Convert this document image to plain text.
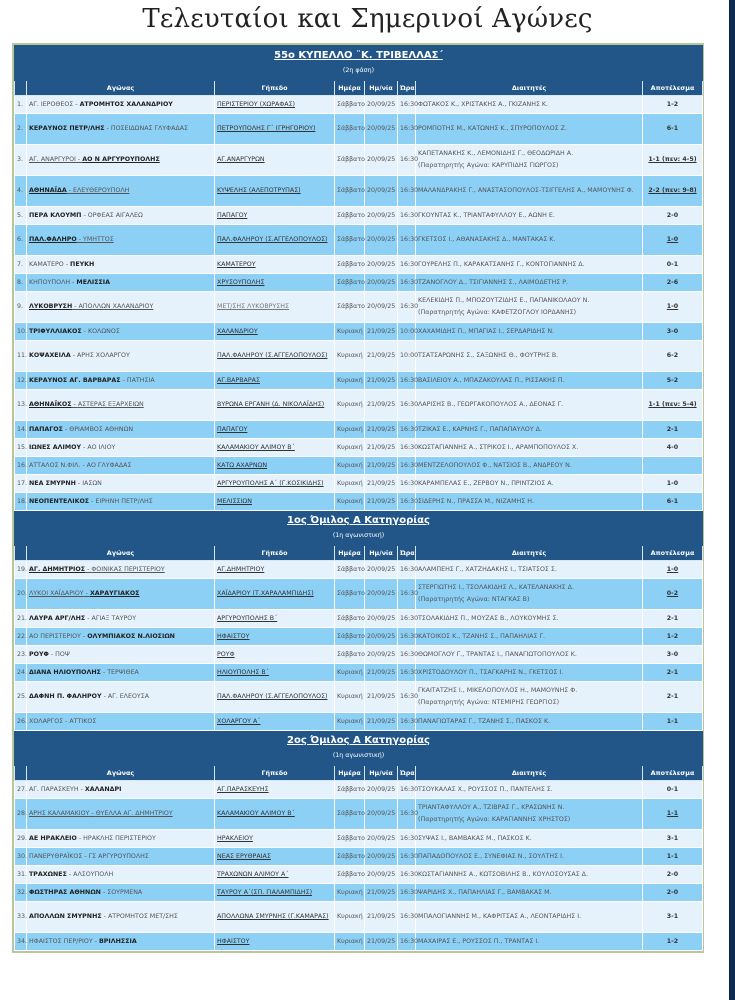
Τελευταίοι και Σημερινοί Αγώνες
55ο ΚΥΠΕΛΛΟ ¨Κ. ΤΡΙΒΕΛΛΑΣ΄
(2η φάση)

	Αγώνας	Γήπεδο	Ημέρα	Ημ/νία	Ώρα	Διαιτητές	Αποτέλεσμα
1.	ΑΓ. ΙΕΡΟΘΕΟΣ - ΑΤΡΟΜΗΤΟΣ ΧΑΛΑΝΔΡΙΟΥ	ΠΕΡΙΣΤΕΡΙΟΥ (ΧΩΡΑΦΑΣ)	Σάββατο	20/09/25	16:30	ΦΩΤΑΚΟΣ Κ., ΧΡΙΣΤΑΚΗΣ Α., ΓΚΙΖΑΝΗΣ Κ.	1-2
2.	ΚΕΡΑΥΝΟΣ ΠΕΤΡ/ΛΗΣ - ΠΟΣΕΙΔΩΝΑΣ ΓΛΥΦΑΔΑΣ	ΠΕΤΡΟΥΠΟΛΗΣ Γ΄ (ΓΡΗΓΟΡΙΟΥ)	Σάββατο	20/09/25	16:30	ΡΟΜΠΟΤΗΣ Μ., ΚΑΤΩΝΗΣ Κ., ΣΠΥΡΟΠΟΥΛΟΣ Ζ.	6-1
3.	ΑΓ. ΑΝΑΡΓΥΡΟΙ - ΑΟ Ν ΑΡΓΥΡΟΥΠΟΛΗΣ	ΑΓ.ΑΝΑΡΓΥΡΩΝ	Σάββατο	20/09/25	16:30	
ΚΑΠΕΤΑΝΑΚΗΣ Κ., ΛΕΜΟΝΙΔΗΣ Γ., ΘΕΟΔΩΡΙΔΗ Α.
(Παρατηρητής Αγώνα: ΚΑΡΥΠΙΔΗΣ ΓΙΩΡΓΟΣ)
	1-1 (πεν: 4-5)
4.	ΑΘΗΝΑΪΔΑ - ΕΛΕΥΘΕΡΟΥΠΟΛΗ	ΚΥΨΕΛΗΣ (ΑΛΕΠΟΤΡΥΠΑΣ)	Σάββατο	20/09/25	16:30	ΜΑΛΑΝΔΡΑΚΗΣ Γ., ΑΝΑΣΤΑΣΟΠΟΥΛΟΣ-ΤΣΙΓΓΕΛΗΣ Α., ΜΑΜΟΥΝΗΣ Φ.	2-2 (πεν: 9-8)
5.	ΠΕΡΑ ΚΛΟΥΜΠ - ΟΡΦΕΑΣ ΑΙΓΑΛΕΩ	ΠΑΠΑΓΟΥ	Σάββατο	20/09/25	16:30	ΓΚΟΥΝΤΑΣ Κ., ΤΡΙΑΝΤΑΦΥΛΛΟΥ Ε., ΑΩΝΗ Ε.	2-0
6.	ΠΑΛ.ΦΑΛΗΡΟ - ΥΜΗΤΤΟΣ	ΠΑΛ.ΦΑΛΗΡΟΥ (Σ.ΑΓΓΕΛΟΠΟΥΛΟΣ)	Σάββατο	20/09/25	16:30	ΓΚΕΤΣΟΣ Ι., ΑΘΑΝΑΣΑΚΗΣ Δ., ΜΑΝΤΑΚΑΣ Κ.	1-0
7.	ΚΑΜΑΤΕΡΟ - ΠΕΥΚΗ	ΚΑΜΑΤΕΡΟΥ	Σάββατο	20/09/25	16:30	ΓΟΥΡΕΛΗΣ Π., ΚΑΡΑΚΑΤΣΑΝΗΣ Γ., ΚΟΝΤΟΓΙΑΝΝΗΣ Δ.	0-1
8.	ΚΗΠΟΥΠΟΛΗ - ΜΕΛΙΣΣΙΑ	ΧΡΥΣΟΥΠΟΛΗΣ	Σάββατο	20/09/25	16:30	ΤΖΑΝΟΓΛΟΥ Δ., ΤΣΙΓΙΑΝΝΗΣ Σ., ΛΑΙΜΟΔΕΤΗΣ Ρ.	2-6
9.	ΛΥΚΟΒΡΥΣΗ - ΑΠΟΛΛΩΝ ΧΑΛΑΝΔΡΙΟΥ	ΜΕΤ/ΣΗΣ ΛΥΚΟΒΡΥΣΗΣ	Σάββατο	20/09/25	16:30	
ΚΕΛΕΚΙΔΗΣ Π., ΜΠΟΖΟΥΤΖΙΔΗΣ Ε., ΠΑΠΑΝΙΚΟΛΑΟΥ Ν.
(Παρατηρητής Αγώνα: ΚΑΦΕΤΖΟΓΛΟΥ ΙΟΡΔΑΝΗΣ)
	1-0
10.	ΤΡΙΦΥΛΛΙΑΚΟΣ - ΚΟΛΩΝΟΣ	ΧΑΛΑΝΔΡΙΟΥ	Κυριακή	21/09/25	10:00	ΧΑΧΑΜΙΔΗΣ Π., ΜΠΑΓΙΑΣ Ι., ΣΕΡΔΑΡΙΔΗΣ Ν.	3-0
11.	ΚΟΨΑΧΕΙΛΑ - ΑΡΗΣ ΧΟΛΑΡΓΟΥ	ΠΑΛ.ΦΑΛΗΡΟΥ (Σ.ΑΓΓΕΛΟΠΟΥΛΟΣ)	Κυριακή	21/09/25	10:00	ΤΣΑΤΣΑΡΩΝΗΣ Σ., ΣΑΞΩΝΗΣ Θ., ΦΟΥΤΡΗΣ Β.	6-2
12.	ΚΕΡΑΥΝΟΣ ΑΓ. ΒΑΡΒΑΡΑΣ - ΠΑΤΗΣΙΑ	ΑΓ.ΒΑΡΒΑΡΑΣ	Κυριακή	21/09/25	16:30	ΒΑΣΙΛΕΙΟΥ Α., ΜΠΑΖΑΚΟΥΛΑΣ Π., ΡΙΣΣΑΚΗΣ Π.	5-2
13.	ΑΘΗΝΑΪΚΟΣ - ΑΣΤΕΡΑΣ ΕΞΑΡΧΕΙΩΝ	ΒΥΡΩΝΑ ΕΡΓΑΝΗ (Δ. ΝΙΚΟΛΑΪΔΗΣ)	Κυριακή	21/09/25	16:30	ΛΑΡΙΣΗΣ Β., ΓΕΩΡΓΑΚΟΠΟΥΛΟΣ Α., ΔΕΟΝΑΣ Γ.	1-1 (πεν: 5-4)
14.	ΠΑΠΑΓΟΣ - ΘΡΙΑΜΒΟΣ ΑΘΗΝΩΝ	ΠΑΠΑΓΟΥ	Κυριακή	21/09/25	16:30	ΤΖΙΚΑΣ Ε., ΚΑΡΝΗΣ Γ., ΠΑΠΑΠΑΥΛΟΥ Δ.	2-1
15.	ΙΩΝΕΣ ΑΛΙΜΟΥ - ΑΟ ΙΛΙΟΥ	ΚΑΛΑΜΑΚΙΟΥ ΑΛΙΜΟΥ Β΄	Κυριακή	21/09/25	16:30	ΚΩΣΤΑΓΙΑΝΝΗΣ Α., ΣΤΡΙΚΟΣ Ι., ΑΡΑΜΠΟΠΟΥΛΟΣ Χ.	4-0
16.	ΑΤΤΑΛΟΣ Ν.ΦΙΛ. - ΑΟ ΓΛΥΦΑΔΑΣ	ΚΑΤΩ ΑΧΑΡΝΩΝ	Κυριακή	21/09/25	16:30	ΜΕΝΤΖΕΛΟΠΟΥΛΟΣ Φ., ΝΑΤΣΙΟΣ Β., ΑΝΔΡΕΟΥ Ν.

17.	ΝΕΑ ΣΜΥΡΝΗ - ΙΑΣΩΝ	ΑΡΓΥΡΟΥΠΟΛΗΣ Α΄ (Γ.ΚΟΣΙΚΙΔΗΣ)	Κυριακή	21/09/25	16:30	ΚΑΡΑΜΠΕΛΑΣ Ε., ΖΕΡΒΟΥ Ν., ΠΡΙΝΤΖΙΟΣ Α.	1-0
18.	ΝΕΟΠΕΝΤΕΛΙΚΟΣ - ΕΙΡΗΝΗ ΠΕΤΡ/ΛΗΣ	ΜΕΛΙΣΣΙΩΝ	Κυριακή	21/09/25	16:30	ΣΙΔΕΡΗΣ Ν., ΠΡΑΣΣΑ Μ., ΝΙΖΑΜΗΣ Η.	6-1

1ος Όμιλος Α Κατηγορίας
(1η αγωνιστική)

	Αγώνας	Γήπεδο	Ημέρα	Ημ/νία	Ώρα	Διαιτητές	Αποτέλεσμα
19.	ΑΓ. ΔΗΜΗΤΡΙΟΣ - ΦΟΙΝΙΚΑΣ ΠΕΡΙΣΤΕΡΙΟΥ	ΑΓ.ΔΗΜΗΤΡΙΟΥ	Σάββατο	20/09/25	16:30	ΑΛΑΜΠΕΗΣ Γ., ΧΑΤΖΗΔΑΚΗΣ Ι., ΤΣΙΑΤΣΟΣ Σ.	1-0
20.	ΛΥΚΟΙ ΧΑΪΔΑΡΙΟΥ - ΧΑΡΑΥΓΙΑΚΟΣ	ΧΑΪΔΑΡΙΟΥ (Τ.ΧΑΡΑΛΑΜΠΙΔΗΣ)	Σάββατο	20/09/25	16:30	
ΣΤΕΡΓΙΩΤΗΣ Ι., ΤΣΟΛΑΚΙΔΗΣ Λ., ΚΑΤΕΛΑΝΑΚΗΣ Δ.
(Παρατηρητής Αγώνα: ΝΤΑΓΚΑΣ Β)
	0-2
21.	ΛΑΥΡΑ ΑΡΓ/ΛΗΣ - ΑΓΙΑΞ ΤΑΥΡΟΥ	ΑΡΓΥΡΟΥΠΟΛΗΣ Β΄	Σάββατο	20/09/25	16:30	ΤΣΟΛΑΚΙΔΗΣ Π., ΜΟΥΖΑΣ Β., ΛΟΥΚΟΥΜΗΣ Σ.	2-1
22.	ΑΟ ΠΕΡΙΣΤΕΡΙΟΥ - ΟΛΥΜΠΙΑΚΟΣ Ν.ΛΙΟΣΙΩΝ	ΗΦΑΙΣΤΟΥ	Σάββατο	20/09/25	16:30	ΚΑΤΟΙΚΟΣ Κ., ΤΖΑΝΗΣ Σ., ΠΑΠΑΗΛΙΑΣ Γ.	1-2
23.	ΡΟΥΦ - ΠΟΨ	ΡΟΥΦ	Σάββατο	20/09/25	16:30	ΘΩΜΟΓΛΟΥ Γ., ΤΡΑΝΤΑΣ Ι., ΠΑΝΑΓΙΩΤΟΠΟΥΛΟΣ Κ.	3-0
24.	ΔΙΑΝΑ ΗΛΙΟΥΠΟΛΗΣ - ΤΕΡΨΙΘΕΑ	ΗΛΙΟΥΠΟΛΗΣ Β΄	Κυριακή	21/09/25	16:30	ΧΡΙΣΤΟΔΟΥΛΟΥ Π., ΤΣΑΓΚΑΡΗΣ Ν., ΓΚΕΤΣΟΣ Ι.	2-1
25.	ΔΑΦΝΗ Π. ΦΑΛΗΡΟΥ - ΑΓ. ΕΛΕΟΥΣΑ	ΠΑΛ.ΦΑΛΗΡΟΥ (Σ.ΑΓΓΕΛΟΠΟΥΛΟΣ)	Κυριακή	21/09/25	16:30	
ΓΚΑΙΤΑΤΖΗΣ Ι., ΜΙΚΕΛΟΠΟΥΛΟΣ Η., ΜΑΜΟΥΝΗΣ Φ.
(Παρατηρητής Αγώνα: ΝΤΕΜΙΡΗΣ ΓΕΩΡΓΙΟΣ)
	2-1
26.	ΧΟΛΑΡΓΟΣ - ΑΤΤΙΚΟΣ	ΧΟΛΑΡΓΟΥ Α΄	Κυριακή	21/09/25	16:30	ΠΑΝΑΓΙΩΤΑΡΑΣ Γ., ΤΖΑΝΗΣ Σ., ΠΑΣΚΟΣ Κ.	1-1

2ος Όμιλος Α Κατηγορίας
(1η αγωνιστική)

	Αγώνας	Γήπεδο	Ημέρα	Ημ/νία	Ώρα	Διαιτητές	Αποτέλεσμα
27.	ΑΓ. ΠΑΡΑΣΚΕΥΗ - ΧΑΛΑΝΔΡΙ	ΑΓ.ΠΑΡΑΣΚΕΥΗΣ	Σάββατο	20/09/25	16:30	ΤΣΟΥΚΑΛΑΣ Χ., ΡΟΥΣΣΟΣ Π., ΠΑΝΤΕΛΗΣ Σ.	0-1
28.	ΑΡΗΣ ΚΑΛΑΜΑΚΙΟΥ - ΘΥΕΛΛΑ ΑΓ. ΔΗΜΗΤΡΙΟΥ	ΚΑΛΑΜΑΚΙΟΥ ΑΛΙΜΟΥ Β΄	Σάββατο	20/09/25	16:30	
ΤΡΙΑΝΤΑΦΥΛΛΟΥ Α., ΤΖΙΒΡΑΣ Γ., ΚΡΑΣΩΝΗΣ Ν.
(Παρατηρητής Αγώνα: ΚΑΡΑΓΙΑΝΝΗΣ ΧΡΗΣΤΟΣ)
	1-1
29.	ΑΕ ΗΡΑΚΛΕΙΟ - ΗΡΑΚΛΗΣ ΠΕΡΙΣΤΕΡΙΟΥ	ΗΡΑΚΛΕΙΟΥ	Σάββατο	20/09/25	16:30	ΣΥΨΑΣ Ι., ΒΑΜΒΑΚΑΣ Μ., ΠΑΣΚΟΣ Κ.	3-1
30.	ΠΑΝΕΡΥΘΡΑΪΚΟΣ - ΓΣ ΑΡΓΥΡΟΥΠΟΛΗΣ	ΝΕΑΣ ΕΡΥΘΡΑΙΑΣ	Σάββατο	20/09/25	16:30	ΠΑΠΑΔΟΠΟΥΛΟΣ Ε., ΣΥΝΕΦΙΑΣ Ν., ΣΟΥΛΤΗΣ Ι.	1-1
31.	ΤΡΑΧΩΝΕΣ - ΑΛΣΟΥΠΟΛΗ	ΤΡΑΧΩΝΩΝ ΑΛΙΜΟΥ Α΄	Σάββατο	20/09/25	16:30	ΚΩΣΤΑΓΙΑΝΝΗΣ Α., ΚΩΤΣΟΒΙΛΗΣ Β., ΚΟΥΛΟΣΟΥΣΑΣ Δ.	2-0
32.	ΦΩΣΤΗΡΑΣ ΑΘΗΝΩΝ - ΣΟΥΡΜΕΝΑ	ΤΑΥΡΟΥ Α΄(ΣΠ. ΓΙΑΛΑΜΠΙΔΗΣ)	Κυριακή	21/09/25	16:30	ΨΑΡΙΔΗΣ Χ., ΠΑΠΑΗΛΙΑΣ Γ., ΒΑΜΒΑΚΑΣ Μ.	2-0
33.	ΑΠΟΛΛΩΝ ΣΜΥΡΝΗΣ - ΑΤΡΟΜΗΤΟΣ ΜΕΤ/ΣΗΣ	ΑΠΟΛΛΩΝΑ ΣΜΥΡΝΗΣ (Γ.ΚΑΜΑΡΑΣ)	Κυριακή	21/09/25	16:30	ΜΠΑΛΟΓΙΑΝΝΗΣ Μ., ΚΑΦΡΙΤΣΑΣ Α., ΛΕΟΝΤΑΡΙΔΗΣ Ι.	3-1
34.	ΗΦΑΙΣΤΟΣ ΠΕΡ/ΡΙΟΥ - ΒΡΙΛΗΣΣΙΑ	ΗΦΑΙΣΤΟΥ	Κυριακή	21/09/25	16:30	ΜΑΧΑΙΡΑΣ Ε., ΡΟΥΣΣΟΣ Π., ΤΡΑΝΤΑΣ Ι.	1-2
